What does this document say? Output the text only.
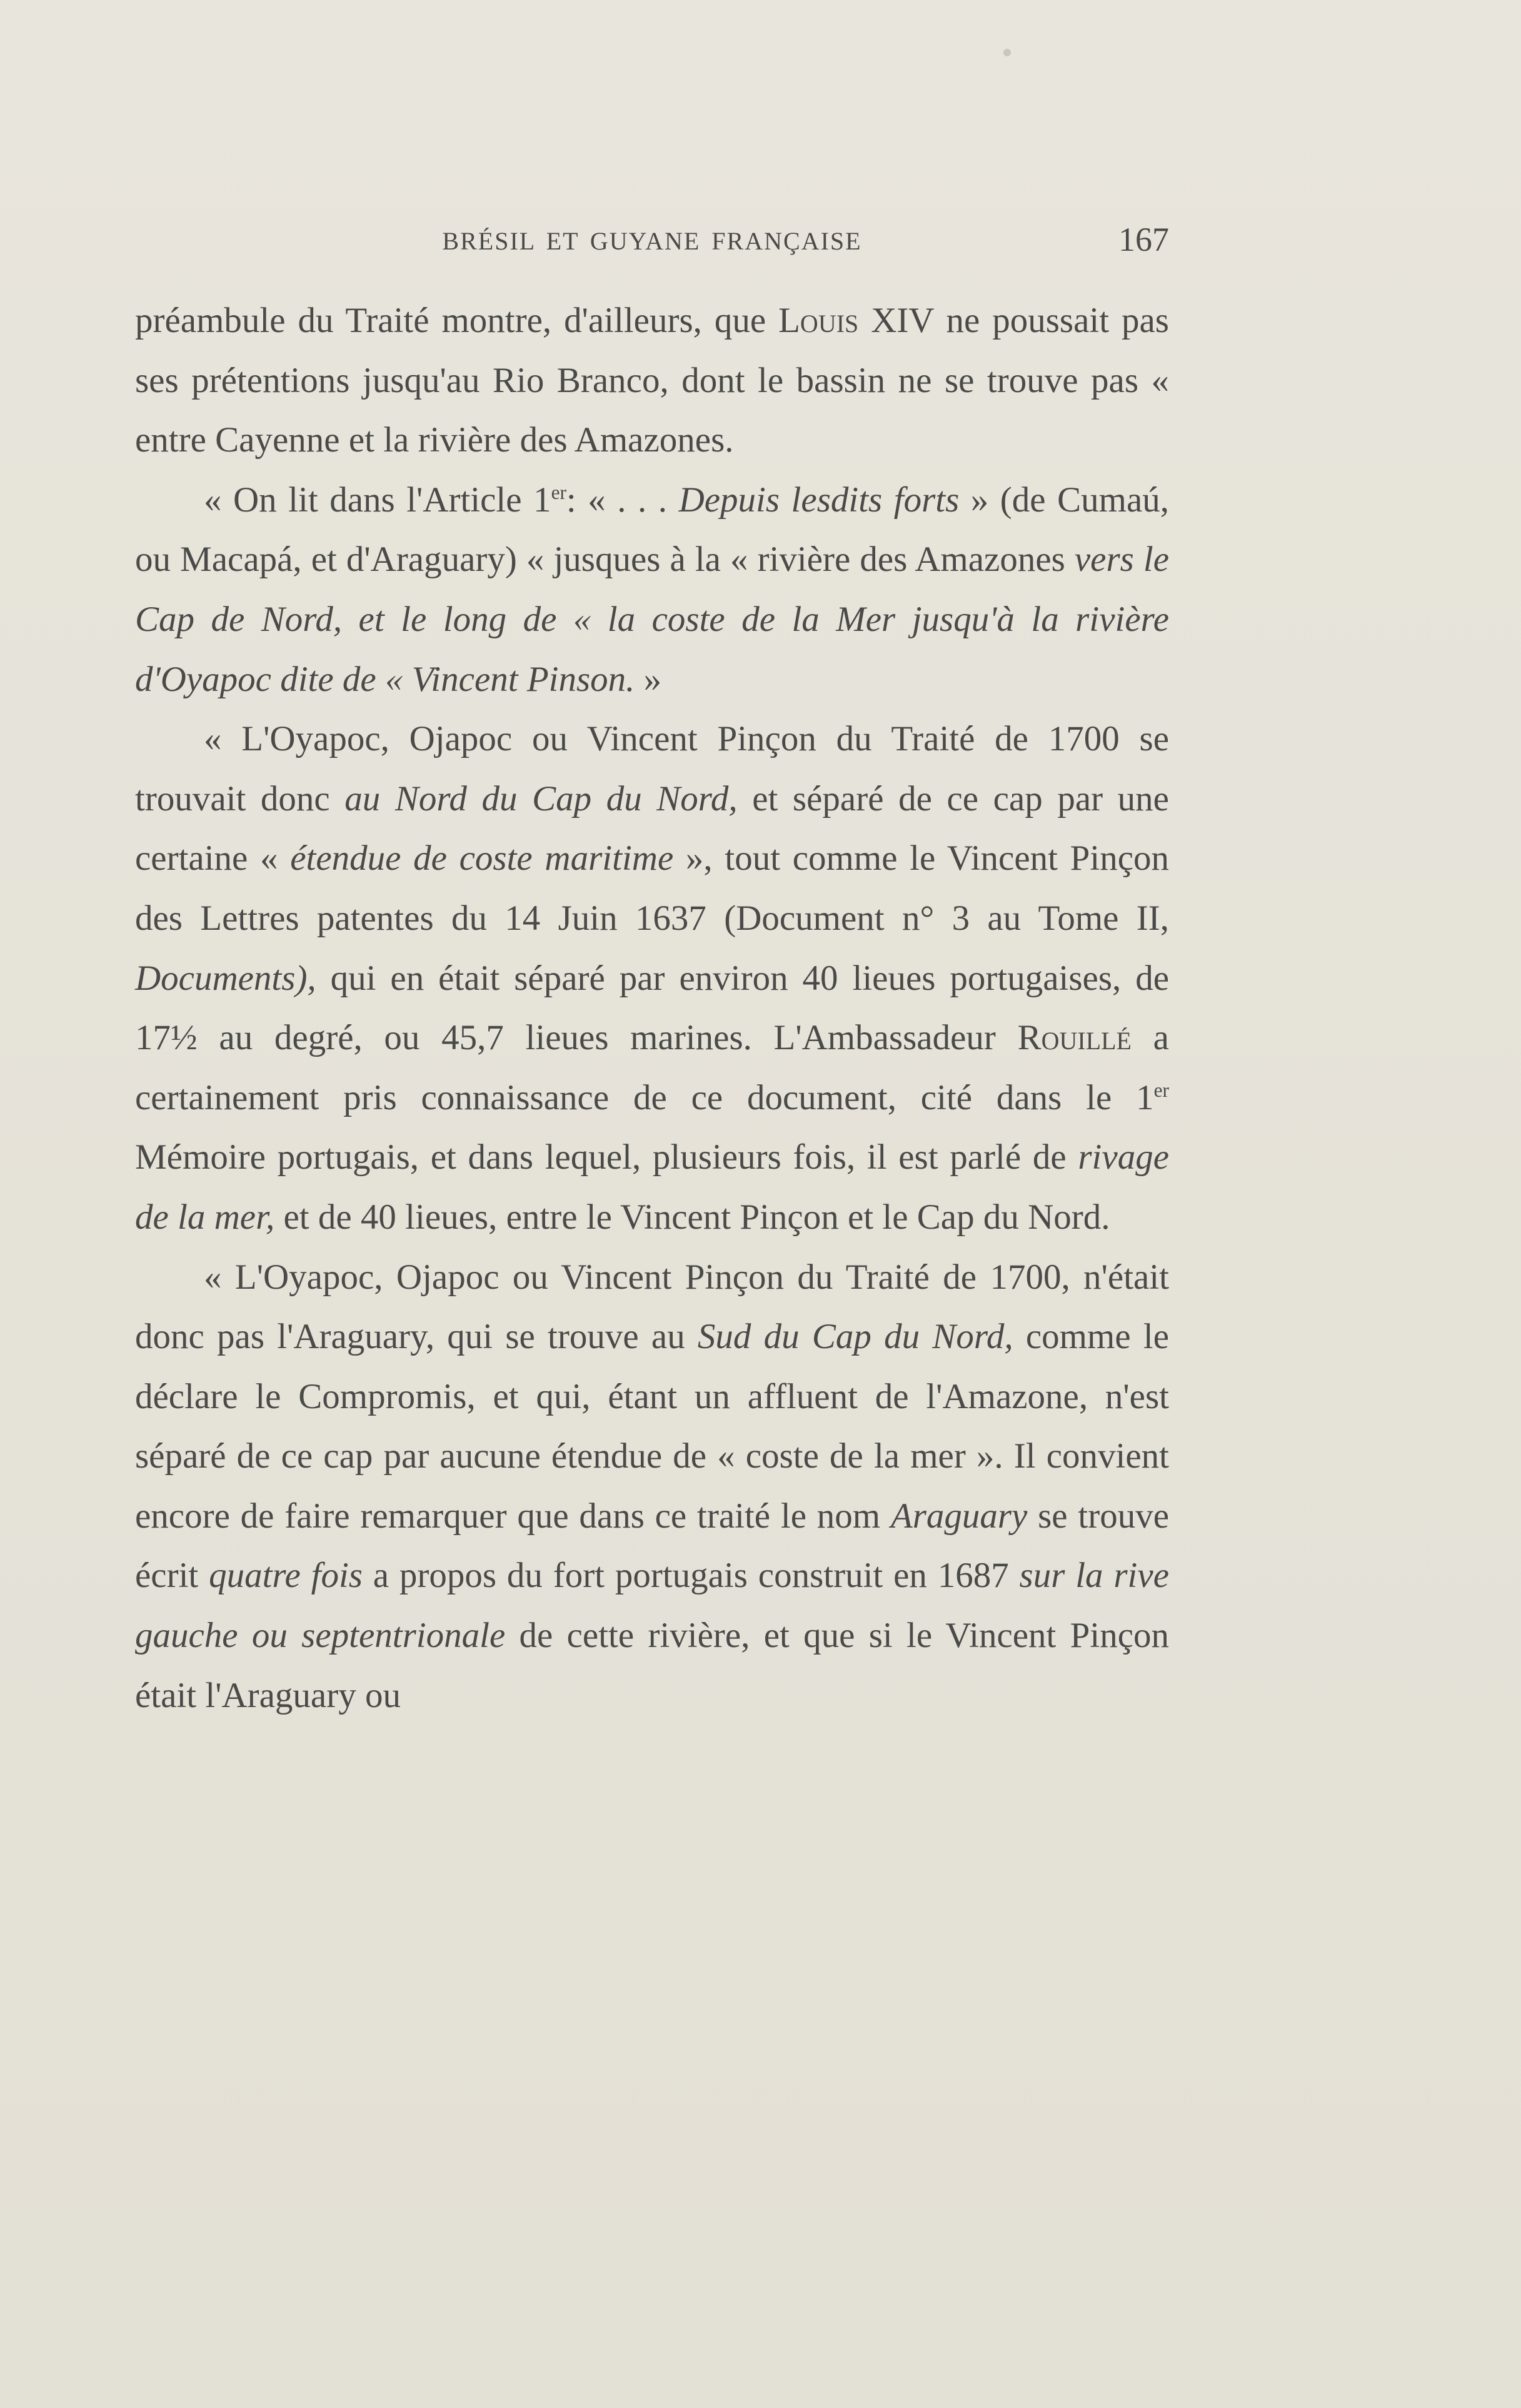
BRÉSIL ET GUYANE FRANÇAISE	167

préambule du Traité montre, d'ailleurs, que Louis XIV ne poussait pas ses prétentions jusqu'au Rio Branco, dont le bassin ne se trouve pas « entre Cayenne et la rivière des Amazones.

« On lit dans l'Article 1er: « . . . Depuis lesdits forts » (de Cumaú, ou Macapá, et d'Araguary) « jusques à la « rivière des Amazones vers le Cap de Nord, et le long de « la coste de la Mer jusqu'à la rivière d'Oyapoc dite de « Vincent Pinson. »

« L'Oyapoc, Ojapoc ou Vincent Pinçon du Traité de 1700 se trouvait donc au Nord du Cap du Nord, et séparé de ce cap par une certaine « étendue de coste maritime », tout comme le Vincent Pinçon des Lettres patentes du 14 Juin 1637 (Document n° 3 au Tome II, Documents), qui en était séparé par environ 40 lieues portugaises, de 17½ au degré, ou 45,7 lieues marines. L'Ambassadeur Rouillé a certainement pris connaissance de ce document, cité dans le 1er Mémoire portugais, et dans lequel, plusieurs fois, il est parlé de rivage de la mer, et de 40 lieues, entre le Vincent Pinçon et le Cap du Nord.

« L'Oyapoc, Ojapoc ou Vincent Pinçon du Traité de 1700, n'était donc pas l'Araguary, qui se trouve au Sud du Cap du Nord, comme le déclare le Compromis, et qui, étant un affluent de l'Amazone, n'est séparé de ce cap par aucune étendue de « coste de la mer ». Il convient encore de faire remarquer que dans ce traité le nom Araguary se trouve écrit quatre fois a propos du fort portugais construit en 1687 sur la rive gauche ou septentrionale de cette rivière, et que si le Vincent Pinçon était l'Araguary ou
